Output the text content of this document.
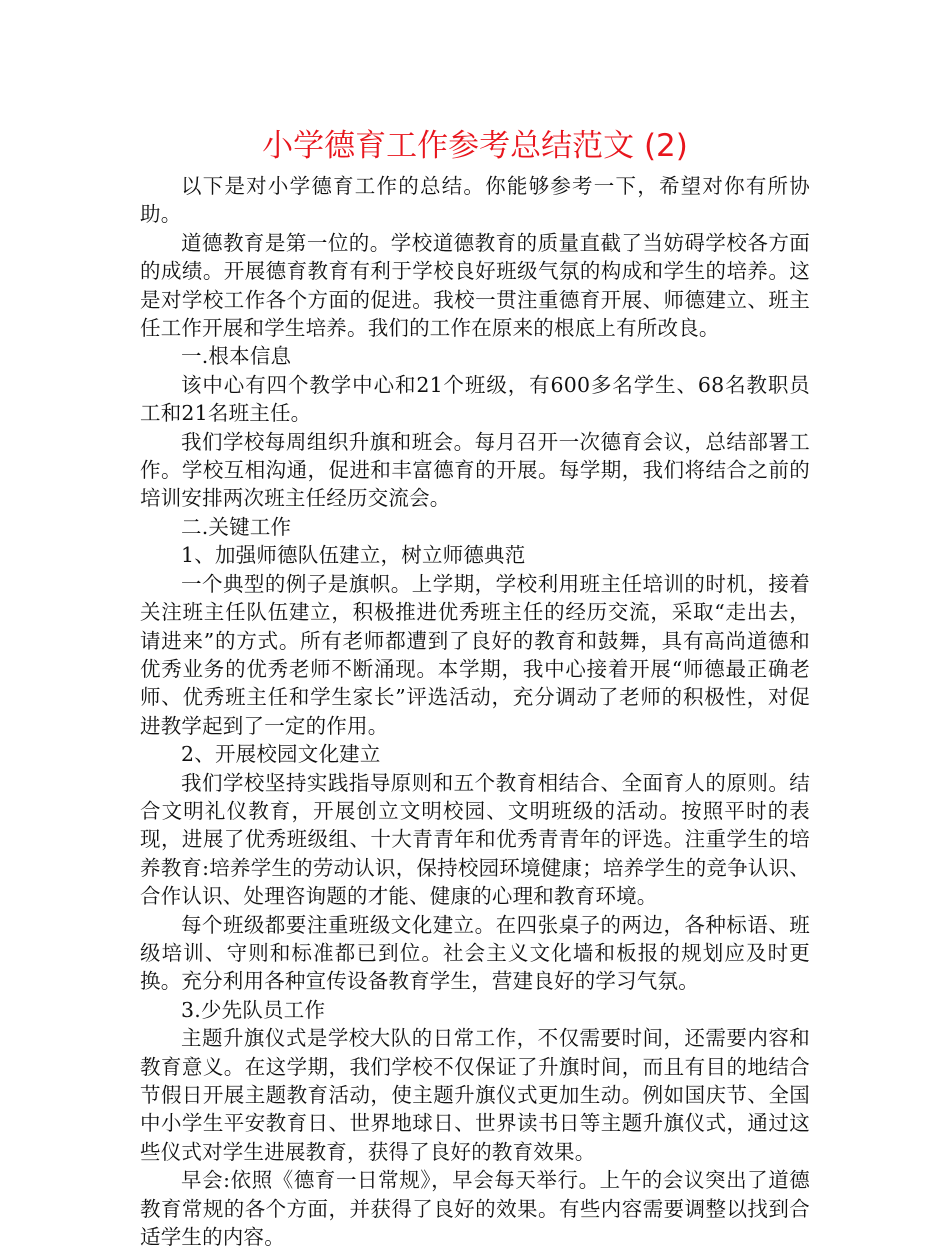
小学德育工作参考总结范文 (2)

以下是对小学德育工作的总结。你能够参考一下，希望对你有所协助。

道德教育是第一位的。学校道德教育的质量直截了当妨碍学校各方面的成绩。开展德育教育有利于学校良好班级气氛的构成和学生的培养。这是对学校工作各个方面的促进。我校一贯注重德育开展、师德建立、班主任工作开展和学生培养。我们的工作在原来的根底上有所改良。

一.根本信息

该中心有四个教学中心和21个班级，有600多名学生、68名教职员工和21名班主任。

我们学校每周组织升旗和班会。每月召开一次德育会议，总结部署工作。学校互相沟通，促进和丰富德育的开展。每学期，我们将结合之前的培训安排两次班主任经历交流会。

二.关键工作

1、加强师德队伍建立，树立师德典范

一个典型的例子是旗帜。上学期，学校利用班主任培训的时机，接着关注班主任队伍建立，积极推进优秀班主任的经历交流，采取“走出去，请进来”的方式。所有老师都遭到了良好的教育和鼓舞，具有高尚道德和优秀业务的优秀老师不断涌现。本学期，我中心接着开展“师德最正确老师、优秀班主任和学生家长”评选活动，充分调动了老师的积极性，对促进教学起到了一定的作用。

2、开展校园文化建立

我们学校坚持实践指导原则和五个教育相结合、全面育人的原则。结合文明礼仪教育，开展创立文明校园、文明班级的活动。按照平时的表现，进展了优秀班级组、十大青青年和优秀青青年的评选。注重学生的培养教育:培养学生的劳动认识，保持校园环境健康；培养学生的竞争认识、合作认识、处理咨询题的才能、健康的心理和教育环境。

每个班级都要注重班级文化建立。在四张桌子的两边，各种标语、班级培训、守则和标准都已到位。社会主义文化墙和板报的规划应及时更换。充分利用各种宣传设备教育学生，营建良好的学习气氛。

3.少先队员工作

主题升旗仪式是学校大队的日常工作，不仅需要时间，还需要内容和教育意义。在这学期，我们学校不仅保证了升旗时间，而且有目的地结合节假日开展主题教育活动，使主题升旗仪式更加生动。例如国庆节、全国中小学生平安教育日、世界地球日、世界读书日等主题升旗仪式，通过这些仪式对学生进展教育，获得了良好的教育效果。

早会:依照《德育一日常规》，早会每天举行。上午的会议突出了道德教育常规的各个方面，并获得了良好的效果。有些内容需要调整以找到合适学生的内容。
